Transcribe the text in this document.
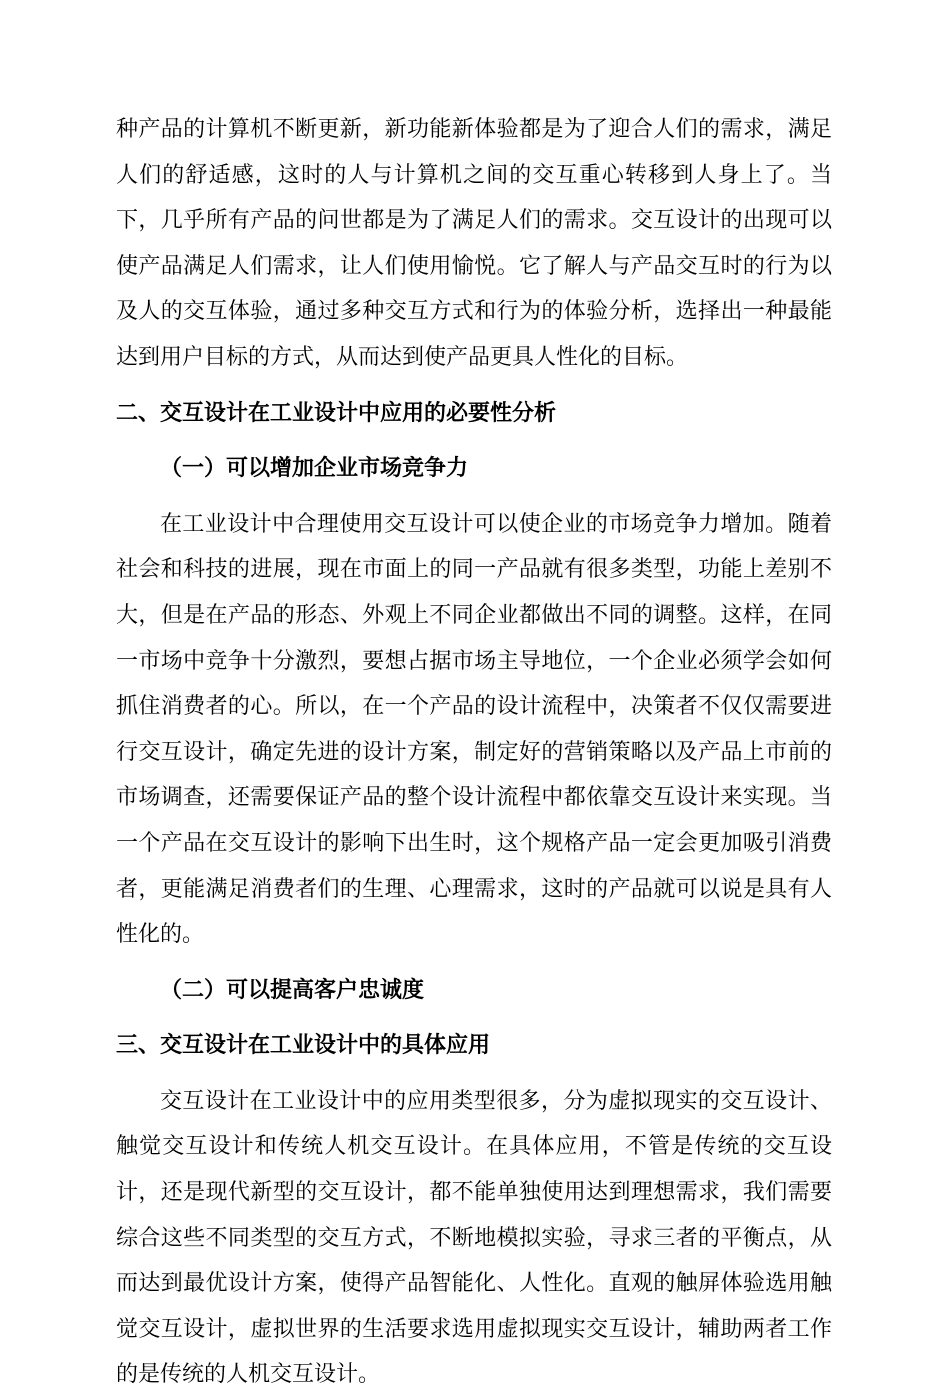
种产品的计算机不断更新，新功能新体验都是为了迎合人们的需求，满足人们的舒适感，这时的人与计算机之间的交互重心转移到人身上了。当下，几乎所有产品的问世都是为了满足人们的需求。交互设计的出现可以使产品满足人们需求，让人们使用愉悦。它了解人与产品交互时的行为以及人的交互体验，通过多种交互方式和行为的体验分析，选择出一种最能达到用户目标的方式，从而达到使产品更具人性化的目标。

二、交互设计在工业设计中应用的必要性分析
（一）可以增加企业市场竞争力

在工业设计中合理使用交互设计可以使企业的市场竞争力增加。随着社会和科技的进展，现在市面上的同一产品就有很多类型，功能上差别不大，但是在产品的形态、外观上不同企业都做出不同的调整。这样，在同一市场中竞争十分激烈，要想占据市场主导地位，一个企业必须学会如何抓住消费者的心。所以，在一个产品的设计流程中，决策者不仅仅需要进行交互设计，确定先进的设计方案，制定好的营销策略以及产品上市前的市场调查，还需要保证产品的整个设计流程中都依靠交互设计来实现。当一个产品在交互设计的影响下出生时，这个规格产品一定会更加吸引消费者，更能满足消费者们的生理、心理需求，这时的产品就可以说是具有人性化的。

（二）可以提高客户忠诚度
三、交互设计在工业设计中的具体应用

交互设计在工业设计中的应用类型很多，分为虚拟现实的交互设计、触觉交互设计和传统人机交互设计。在具体应用，不管是传统的交互设计，还是现代新型的交互设计，都不能单独使用达到理想需求，我们需要综合这些不同类型的交互方式，不断地模拟实验，寻求三者的平衡点，从而达到最优设计方案，使得产品智能化、人性化。直观的触屏体验选用触觉交互设计，虚拟世界的生活要求选用虚拟现实交互设计，辅助两者工作的是传统的人机交互设计。
